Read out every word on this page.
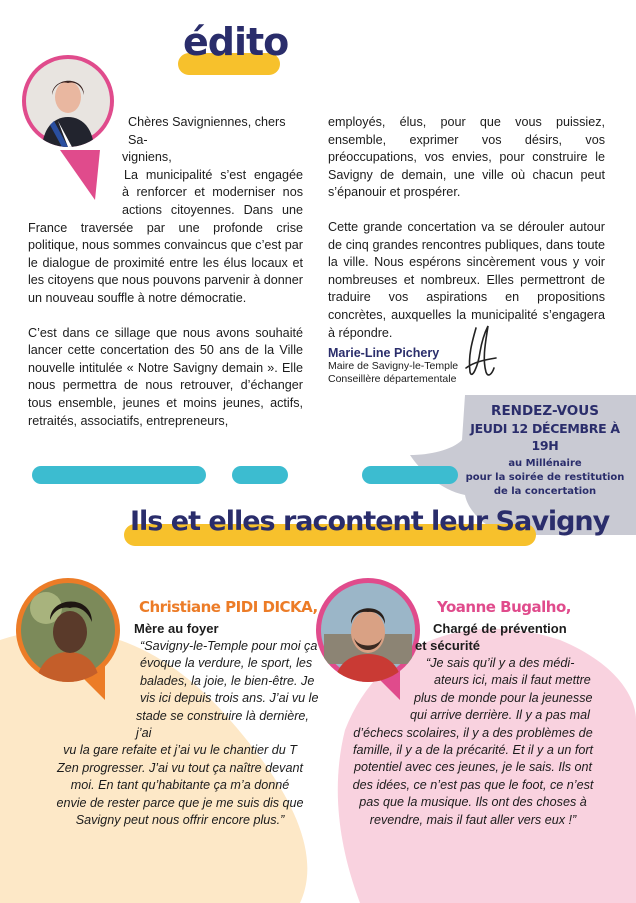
édito
Chères Savigniennes, chers Sa-
vigniens,
La municipalité s’est engagée
à renforcer et moderniser nos
actions citoyennes. Dans une

France traversée par une profonde crise politique, nous sommes convaincus que c’est par le dialogue de proximité entre les élus locaux et les citoyens que nous pouvons parvenir à donner un nouveau souffle à notre démocratie.

C’est dans ce sillage que nous avons souhaité lancer cette concertation des 50 ans de la Ville nouvelle intitulée « Notre Savigny demain ». Elle nous permettra de nous retrouver, d’échanger tous ensemble, jeunes et moins jeunes, actifs, retraités, associatifs, entrepreneurs,

employés, élus, pour que vous puissiez, ensemble, exprimer vos désirs, vos préoccupations, vos envies, pour construire le Savigny de demain, une ville où chacun peut s’épanouir et prospérer.

Cette grande concertation va se dérouler autour de cinq grandes rencontres publiques, dans toute la ville. Nous espérons sincèrement vous y voir nombreuses et nombreux. Elles permettront de traduire vos aspirations en propositions concrètes, auxquelles la municipalité s’engagera à répondre.

Marie-Line Pichery
Maire de Savigny-le-Temple
Conseillère départementale
RENDEZ-VOUS
JEUDI 12 DÉCEMBRE À 19H
au Millénaire
pour la soirée de restitution
de la concertation
Ils et elles racontent leur Savigny
Christiane PIDI DICKA,
Mère au foyer
“Savigny-le-Temple pour moi ça
évoque la verdure, le sport, les
balades, la joie, le bien-être. Je
vis ici depuis trois ans. J’ai vu le
stade se construire là dernière, j’ai
vu la gare refaite et j’ai vu le chantier du T
Zen progresser. J’ai vu tout ça naître devant
moi. En tant qu’habitante ça m’a donné
envie de rester parce que je me suis dis que
Savigny peut nous offrir encore plus.”
Yoanne Bugalho,
Chargé de prévention
et sécurité
“Je sais qu’il y a des médi-
ateurs ici, mais il faut mettre
plus de monde pour la jeunesse
qui arrive derrière. Il y a pas mal
d’échecs scolaires, il y a des problèmes de
famille, il y a de la précarité. Et il y a un fort
potentiel avec ces jeunes, je le sais. Ils ont
des idées, ce n’est pas que le foot, ce n’est
pas que la musique. Ils ont des choses à
revendre, mais il faut aller vers eux !”
